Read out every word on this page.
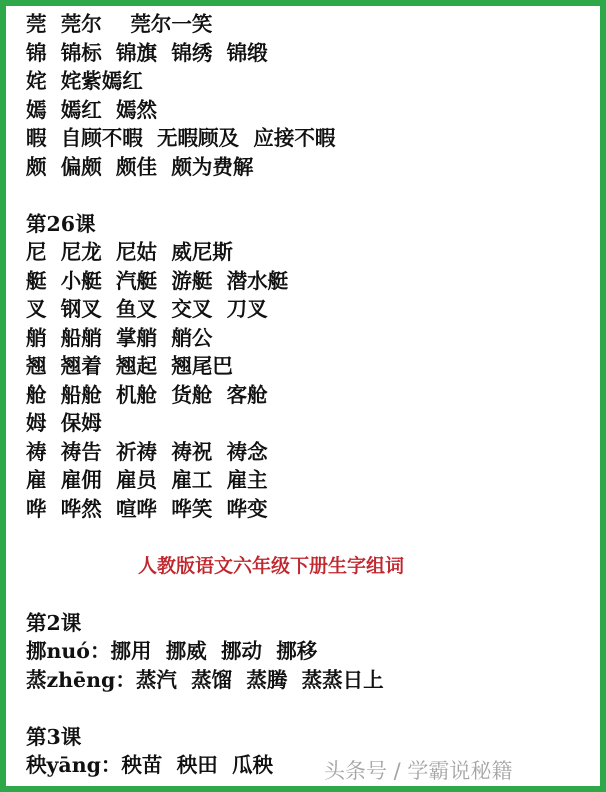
莞  莞尔    莞尔一笑
锦  锦标  锦旗  锦绣  锦缎
姹  姹紫嫣红
嫣  嫣红  嫣然
暇  自顾不暇  无暇顾及  应接不暇
颇  偏颇  颇佳  颇为费解
第26课
尼  尼龙  尼姑  威尼斯
艇  小艇  汽艇  游艇  潜水艇
叉  钢叉  鱼叉  交叉  刀叉
艄  船艄  掌艄  艄公
翘  翘着  翘起  翘尾巴
舱  船舱  机舱  货舱  客舱
姆  保姆
祷  祷告  祈祷  祷祝  祷念
雇  雇佣  雇员  雇工  雇主
哗  哗然  喧哗  哗笑  哗变
人教版语文六年级下册生字组词
第2课
挪nuó：挪用  挪威  挪动  挪移
蒸zhēng：蒸汽  蒸馏  蒸腾  蒸蒸日上
第3课
秧yāng：秧苗  秧田  瓜秧	头条号 / 学霸说秘籍
